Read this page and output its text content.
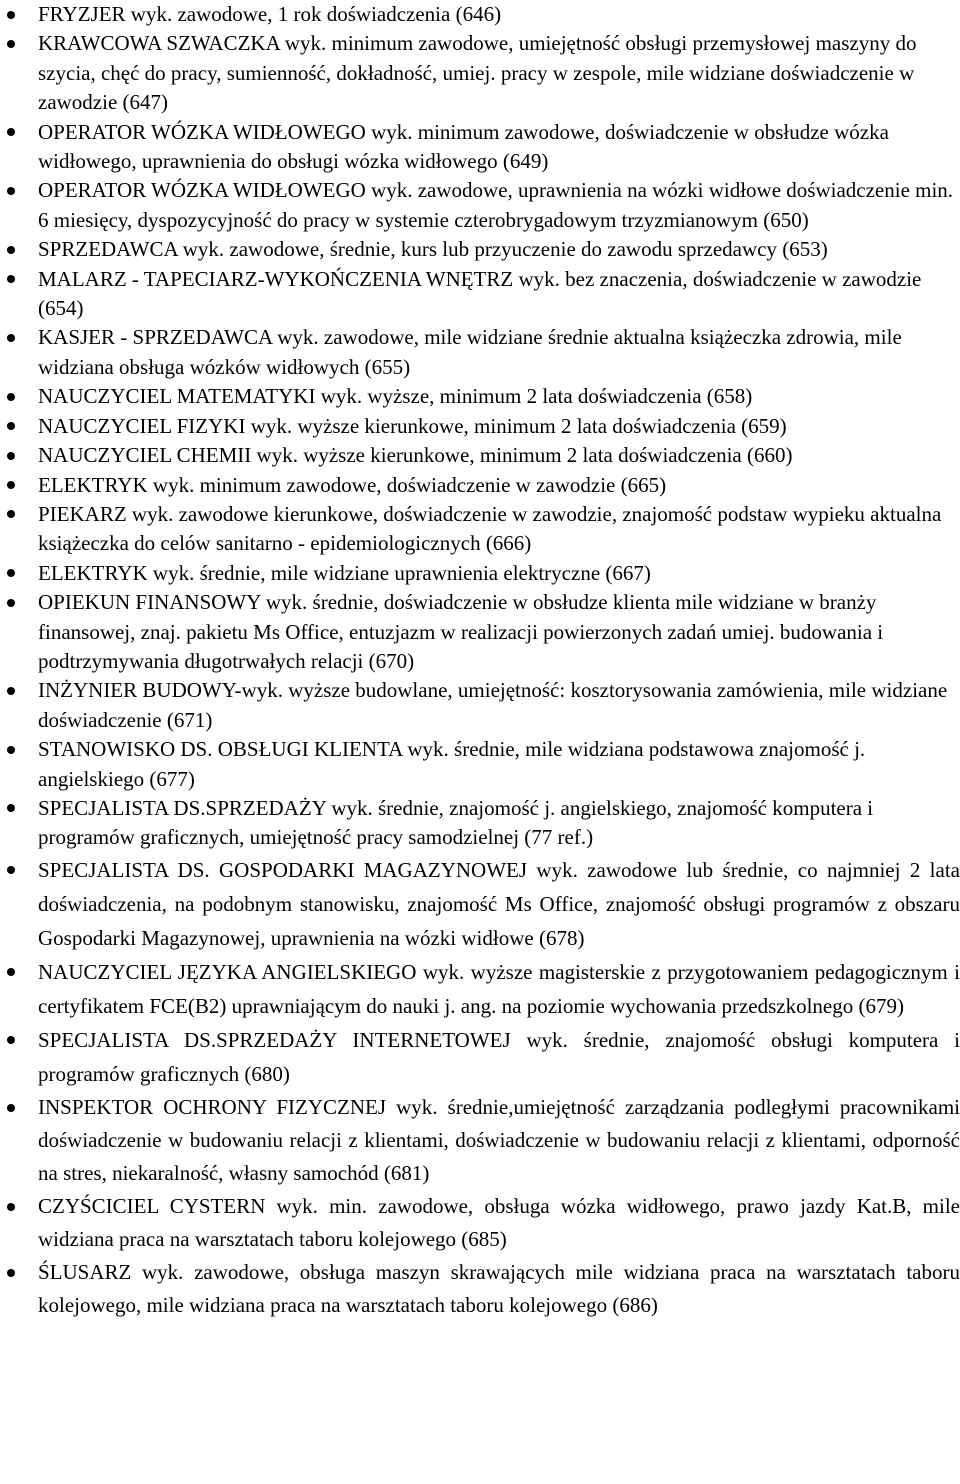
FRYZJER wyk. zawodowe, 1 rok doświadczenia (646)
KRAWCOWA SZWACZKA wyk. minimum zawodowe, umiejętność obsługi przemysłowej maszyny do szycia, chęć do pracy, sumienność, dokładność, umiej. pracy w zespole, mile widziane doświadczenie w zawodzie (647)
OPERATOR WÓZKA WIDŁOWEGO wyk. minimum zawodowe, doświadczenie w obsłudze wózka widłowego, uprawnienia do obsługi wózka widłowego (649)
OPERATOR WÓZKA WIDŁOWEGO wyk. zawodowe, uprawnienia na wózki widłowe doświadczenie min. 6 miesięcy, dyspozycyjność do pracy w systemie czterobrygadowym trzyzmianowym (650)
SPRZEDAWCA wyk. zawodowe, średnie, kurs lub przyuczenie do zawodu sprzedawcy (653)
MALARZ - TAPECIARZ-WYKOŃCZENIA WNĘTRZ wyk. bez znaczenia, doświadczenie w zawodzie (654)
KASJER - SPRZEDAWCA wyk. zawodowe, mile widziane średnie aktualna książeczka zdrowia, mile widziana obsługa wózków widłowych (655)
NAUCZYCIEL MATEMATYKI wyk. wyższe, minimum 2 lata doświadczenia (658)
NAUCZYCIEL FIZYKI wyk. wyższe kierunkowe, minimum 2 lata doświadczenia (659)
NAUCZYCIEL CHEMII wyk. wyższe kierunkowe, minimum 2 lata doświadczenia (660)
ELEKTRYK wyk. minimum zawodowe, doświadczenie w zawodzie (665)
PIEKARZ wyk. zawodowe kierunkowe, doświadczenie w zawodzie, znajomość podstaw wypieku aktualna książeczka do celów sanitarno - epidemiologicznych (666)
ELEKTRYK wyk. średnie, mile widziane uprawnienia elektryczne (667)
OPIEKUN FINANSOWY wyk. średnie, doświadczenie w obsłudze klienta mile widziane w branży finansowej, znaj. pakietu Ms Office, entuzjazm w realizacji powierzonych zadań umiej. budowania i podtrzymywania długotrwałych relacji (670)
INŻYNIER BUDOWY-wyk. wyższe budowlane, umiejętność: kosztorysowania zamówienia, mile widziane doświadczenie (671)
STANOWISKO DS. OBSŁUGI KLIENTA wyk. średnie, mile widziana podstawowa znajomość j. angielskiego (677)
SPECJALISTA DS.SPRZEDAŻY wyk. średnie, znajomość j. angielskiego, znajomość komputera i programów graficznych, umiejętność pracy samodzielnej (77 ref.)
SPECJALISTA DS. GOSPODARKI MAGAZYNOWEJ wyk. zawodowe lub średnie, co najmniej 2 lata doświadczenia, na podobnym stanowisku, znajomość Ms Office, znajomość obsługi programów z obszaru Gospodarki Magazynowej, uprawnienia na wózki widłowe (678)
NAUCZYCIEL JĘZYKA ANGIELSKIEGO wyk. wyższe magisterskie z przygotowaniem pedagogicznym i certyfikatem FCE(B2) uprawniającym do nauki j. ang. na poziomie wychowania przedszkolnego (679)
SPECJALISTA DS.SPRZEDAŻY INTERNETOWEJ wyk. średnie, znajomość obsługi komputera i programów graficznych (680)
INSPEKTOR OCHRONY FIZYCZNEJ wyk. średnie,umiejętność zarządzania podległymi pracownikami doświadczenie w budowaniu relacji z klientami, doświadczenie w budowaniu relacji z klientami, odporność na stres, niekaralność, własny samochód (681)
CZYŚCICIEL CYSTERN wyk. min. zawodowe, obsługa wózka widłowego, prawo jazdy Kat.B, mile widziana praca na warsztatach taboru kolejowego (685)
ŚLUSARZ wyk. zawodowe, obsługa maszyn skrawających mile widziana praca na warsztatach taboru kolejowego, mile widziana praca na warsztatach taboru kolejowego (686)
